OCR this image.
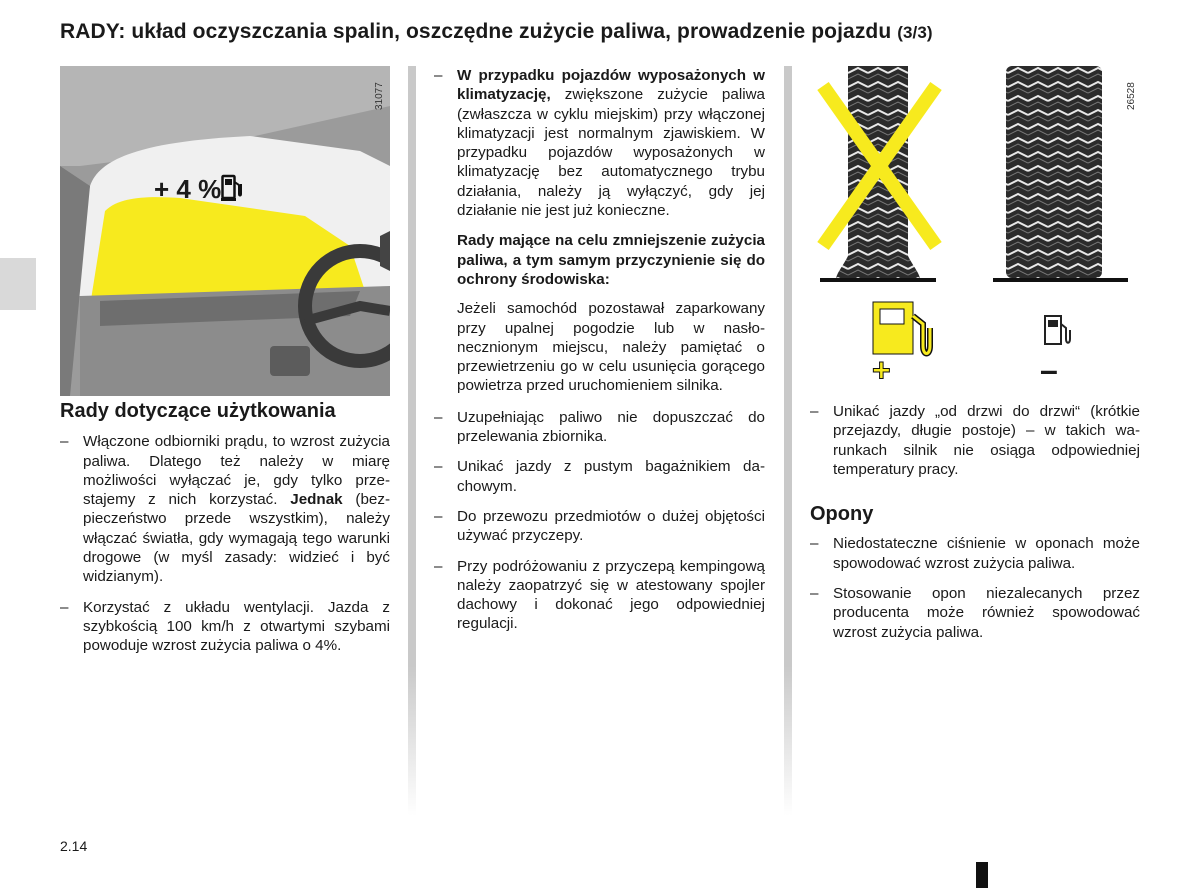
RADY: układ oczyszczania spalin, oszczędne zużycie paliwa, prowadzenie pojazdu (3/3)
+ 4 %
31077
Rady dotyczące użytkowania
– Włączone odbiorniki prądu, to wzrost zużycia paliwa. Dlatego też należy w miarę możliwości wyłączać je, gdy tylko przestajemy z nich korzystać. Jednak (bezpieczeństwo przede wszystkim), należy włączać światła, gdy wymagają tego warunki drogowe (w myśl zasady: widzieć i być widzianym).
– Korzystać z układu wentylacji. Jazda z szybkością 100 km/h z otwartymi szybami powoduje wzrost zużycia paliwa o 4%.
– W przypadku pojazdów wyposażonych w klimatyzację, zwiększone zużycie paliwa (zwłaszcza w cyklu miejskim) przy włączonej klimatyzacji jest normalnym zjawiskiem. W przypadku pojazdów wyposażonych w klimatyzację bez automatycznego trybu działania, należy ją wyłączyć, gdy jej działanie nie jest już konieczne.

Rady mające na celu zmniejszenie zużycia paliwa, a tym samym przyczynienie się do ochrony środowiska:

Jeżeli samochód pozostawał zaparkowany przy upalnej pogodzie lub w nasłonecznionym miejscu, należy pamiętać o przewietrzeniu go w celu usunięcia gorącego powietrza przed uruchomieniem silnika.

– Uzupełniając paliwo nie dopuszczać do przelewania zbiornika.
– Unikać jazdy z pustym bagażnikiem dachowym.
– Do przewozu przedmiotów o dużej objętości używać przyczepy.
– Przy podróżowaniu z przyczepą kempingową należy zaopatrzyć się w atestowany spojler dachowy i dokonać jego odpowiedniej regulacji.
+	–
26528
– Unikać jazdy „od drzwi do drzwi“ (krótkie przejazdy, długie postoje) – w takich warunkach silnik nie osiąga odpowiedniej temperatury pracy.
Opony
– Niedostateczne ciśnienie w oponach może spowodować wzrost zużycia paliwa.
– Stosowanie opon niezalecanych przez producenta może również spowodować wzrost zużycia paliwa.
2.14
